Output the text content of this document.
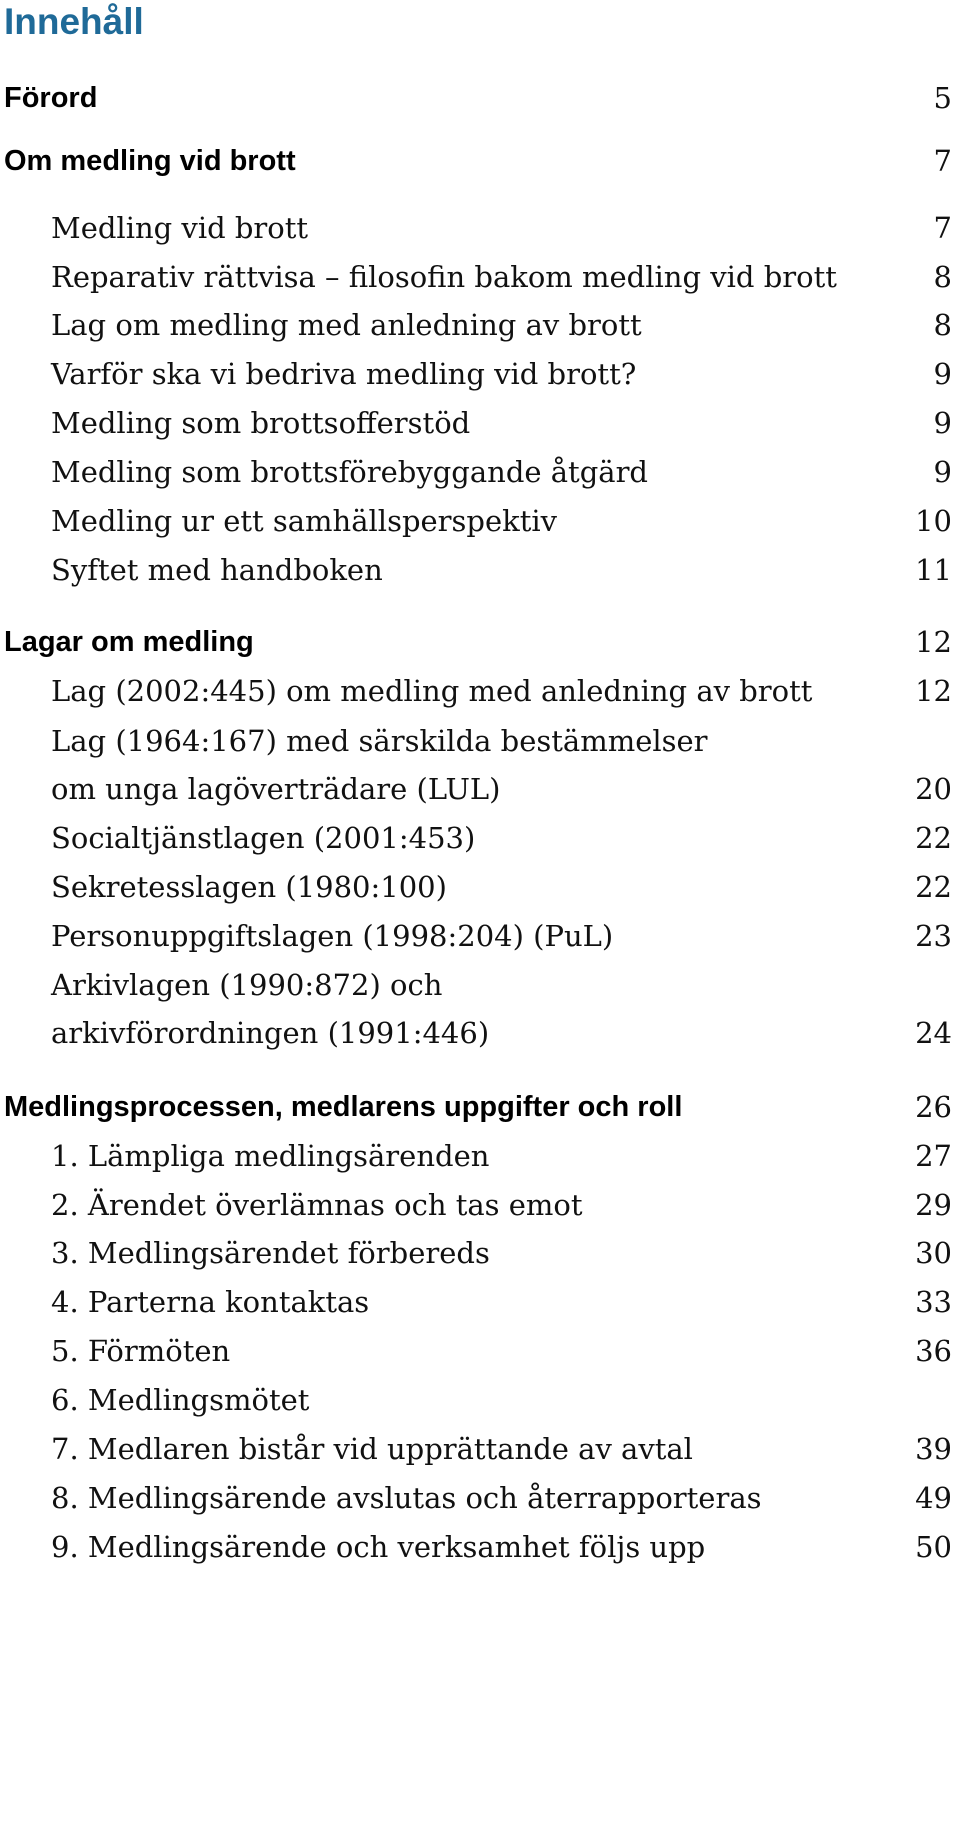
Innehåll
Förord	5
Om medling vid brott	7
Medling vid brott	7
Reparativ rättvisa – filosofin bakom medling vid brott	8
Lag om medling med anledning av brott	8
Varför ska vi bedriva medling vid brott?	9
Medling som brottsofferstöd	9
Medling som brottsförebyggande åtgärd	9
Medling ur ett samhällsperspektiv	10
Syftet med handboken	11
Lagar om medling	12
Lag (2002:445) om medling med anledning av brott	12
Lag (1964:167) med särskilda bestämmelser
om unga lagöverträdare (LUL)	20
Socialtjänstlagen (2001:453)	22
Sekretesslagen (1980:100)	22
Personuppgiftslagen (1998:204) (PuL)	23
Arkivlagen (1990:872) och
arkivförordningen (1991:446)	24
Medlingsprocessen, medlarens uppgifter och roll	26
1. Lämpliga medlingsärenden	27
2. Ärendet överlämnas och tas emot	29
3. Medlingsärendet förbereds	30
4. Parterna kontaktas	33
5. Förmöten	36
6. Medlingsmötet
7. Medlaren bistår vid upprättande av avtal	39
8. Medlingsärende avslutas och återrapporteras	49
9. Medlingsärende och verksamhet följs upp	50
